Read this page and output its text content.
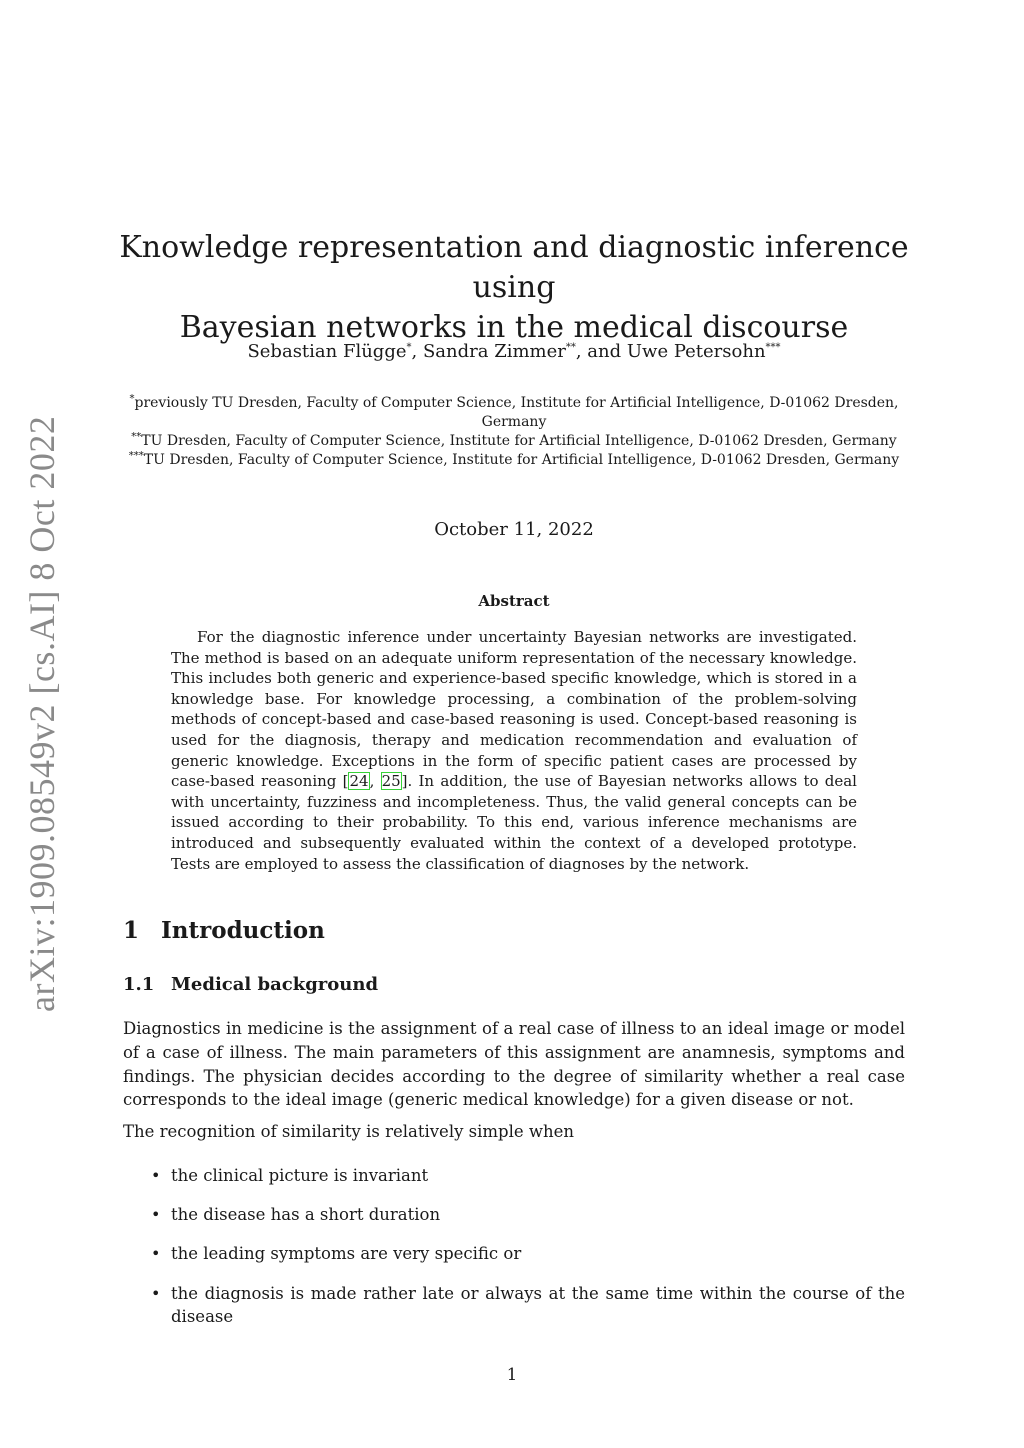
arXiv:1909.08549v2 [cs.AI] 8 Oct 2022
Knowledge representation and diagnostic inference using
Bayesian networks in the medical discourse
Sebastian Flügge*, Sandra Zimmer**, and Uwe Petersohn***

*previously TU Dresden, Faculty of Computer Science, Institute for Artificial Intelligence, D-01062 Dresden,
Germany

**TU Dresden, Faculty of Computer Science, Institute for Artificial Intelligence, D-01062 Dresden, Germany

***TU Dresden, Faculty of Computer Science, Institute for Artificial Intelligence, D-01062 Dresden, Germany

October 11, 2022
Abstract

For the diagnostic inference under uncertainty Bayesian networks are investigated. The method is based on an adequate uniform representation of the necessary knowledge. This includes both generic and experience-based specific knowledge, which is stored in a knowledge base. For knowledge processing, a combination of the problem-solving methods of concept-based and case-based reasoning is used. Concept-based reasoning is used for the diagnosis, therapy and medication recommendation and evaluation of generic knowledge. Exceptions in the form of specific patient cases are processed by case-based reasoning [24, 25]. In addition, the use of Bayesian networks allows to deal with uncertainty, fuzziness and incompleteness. Thus, the valid general concepts can be issued according to their probability. To this end, various inference mechanisms are introduced and subsequently evaluated within the context of a developed prototype. Tests are employed to assess the classification of diagnoses by the network.

1 Introduction
1.1 Medical background

Diagnostics in medicine is the assignment of a real case of illness to an ideal image or model of a case of illness. The main parameters of this assignment are anamnesis, symptoms and findings. The physician decides according to the degree of similarity whether a real case corresponds to the ideal image (generic medical knowledge) for a given disease or not.

The recognition of similarity is relatively simple when

• the clinical picture is invariant
• the disease has a short duration
• the leading symptoms are very specific or
• the diagnosis is made rather late or always at the same time within the course of the disease
1
